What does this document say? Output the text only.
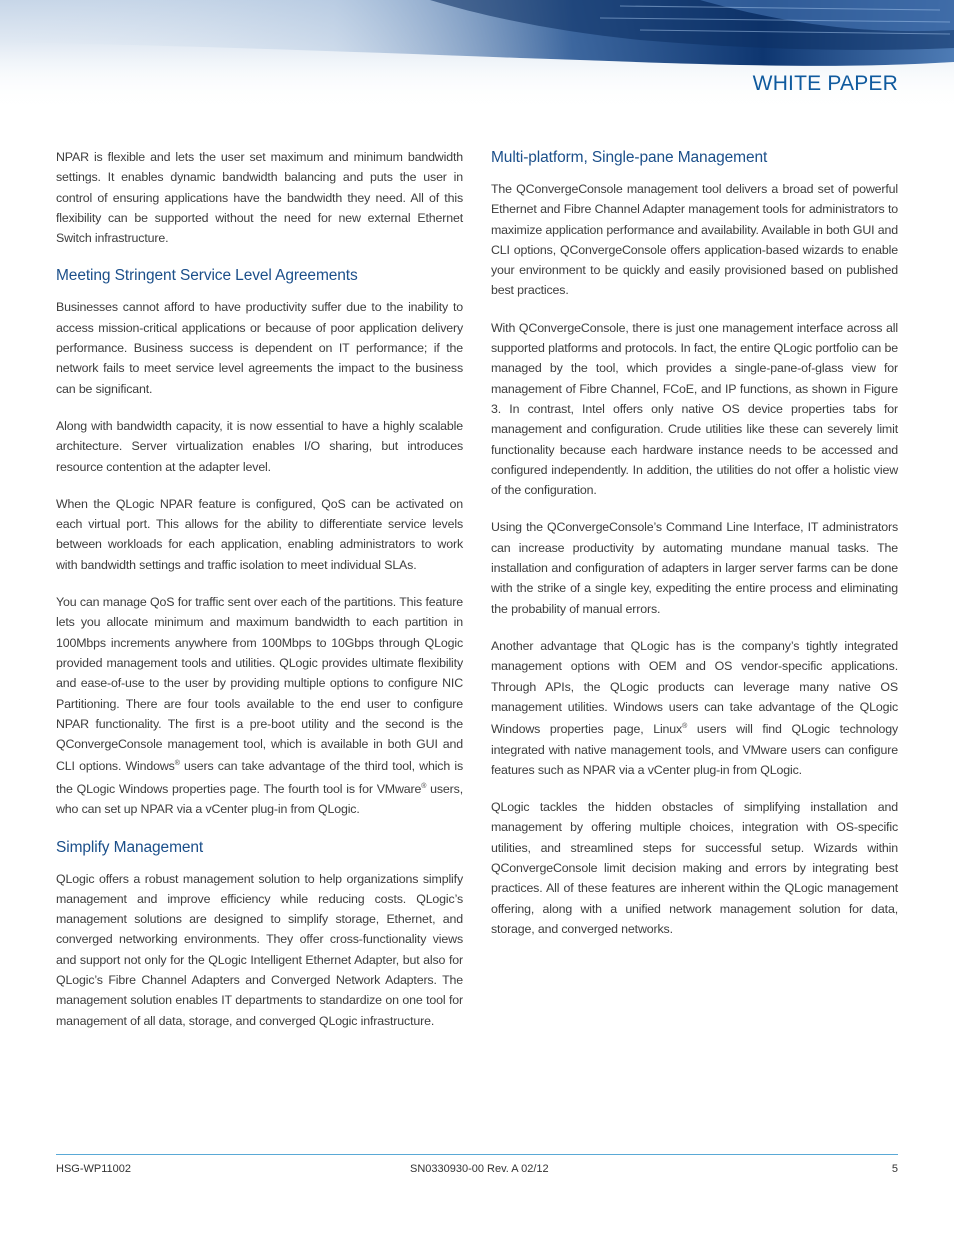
WHITE PAPER

NPAR is flexible and lets the user set maximum and minimum bandwidth settings. It enables dynamic bandwidth balancing and puts the user in control of ensuring applications have the bandwidth they need. All of this flexibility can be supported without the need for new external Ethernet Switch infrastructure.

Meeting Stringent Service Level Agreements

Businesses cannot afford to have productivity suffer due to the inability to access mission-critical applications or because of poor application delivery performance. Business success is dependent on IT performance; if the network fails to meet service level agreements the impact to the business can be significant.

Along with bandwidth capacity, it is now essential to have a highly scalable architecture. Server virtualization enables I/O sharing, but introduces resource contention at the adapter level.

When the QLogic NPAR feature is configured, QoS can be activated on each virtual port. This allows for the ability to differentiate service levels between workloads for each application, enabling administrators to work with bandwidth settings and traffic isolation to meet individual SLAs.

You can manage QoS for traffic sent over each of the partitions. This feature lets you allocate minimum and maximum bandwidth to each partition in 100Mbps increments anywhere from 100Mbps to 10Gbps through QLogic provided management tools and utilities. QLogic provides ultimate flexibility and ease-of-use to the user by providing multiple options to configure NIC Partitioning. There are four tools available to the end user to configure NPAR functionality. The first is a pre-boot utility and the second is the QConvergeConsole management tool, which is available in both GUI and CLI options. Windows® users can take advantage of the third tool, which is the QLogic Windows properties page. The fourth tool is for VMware® users, who can set up NPAR via a vCenter plug-in from QLogic.

Simplify Management

QLogic offers a robust management solution to help organizations simplify management and improve efficiency while reducing costs. QLogic’s management solutions are designed to simplify storage, Ethernet, and converged networking environments. They offer cross-functionality views and support not only for the QLogic Intelligent Ethernet Adapter, but also for QLogic’s Fibre Channel Adapters and Converged Network Adapters. The management solution enables IT departments to standardize on one tool for management of all data, storage, and converged QLogic infrastructure.

Multi-platform, Single-pane Management

The QConvergeConsole management tool delivers a broad set of powerful Ethernet and Fibre Channel Adapter management tools for administrators to maximize application performance and availability. Available in both GUI and CLI options, QConvergeConsole offers application-based wizards to enable your environment to be quickly and easily provisioned based on published best practices.

With QConvergeConsole, there is just one management interface across all supported platforms and protocols. In fact, the entire QLogic portfolio can be managed by the tool, which provides a single-pane-of-glass view for management of Fibre Channel, FCoE, and IP functions, as shown in Figure 3. In contrast, Intel offers only native OS device properties tabs for management and configuration. Crude utilities like these can severely limit functionality because each hardware instance needs to be accessed and configured independently. In addition, the utilities do not offer a holistic view of the configuration.

Using the QConvergeConsole’s Command Line Interface, IT administrators can increase productivity by automating mundane manual tasks. The installation and configuration of adapters in larger server farms can be done with the strike of a single key, expediting the entire process and eliminating the probability of manual errors.

Another advantage that QLogic has is the company’s tightly integrated management options with OEM and OS vendor-specific applications. Through APIs, the QLogic products can leverage many native OS management utilities. Windows users can take advantage of the QLogic Windows properties page, Linux® users will find QLogic technology integrated with native management tools, and VMware users can configure features such as NPAR via a vCenter plug-in from QLogic.

QLogic tackles the hidden obstacles of simplifying installation and management by offering multiple choices, integration with OS-specific utilities, and streamlined steps for successful setup. Wizards within QConvergeConsole limit decision making and errors by integrating best practices. All of these features are inherent within the QLogic management offering, along with a unified network management solution for data, storage, and converged networks.

HSG-WP11002	SN0330930-00 Rev. A 02/12	5
